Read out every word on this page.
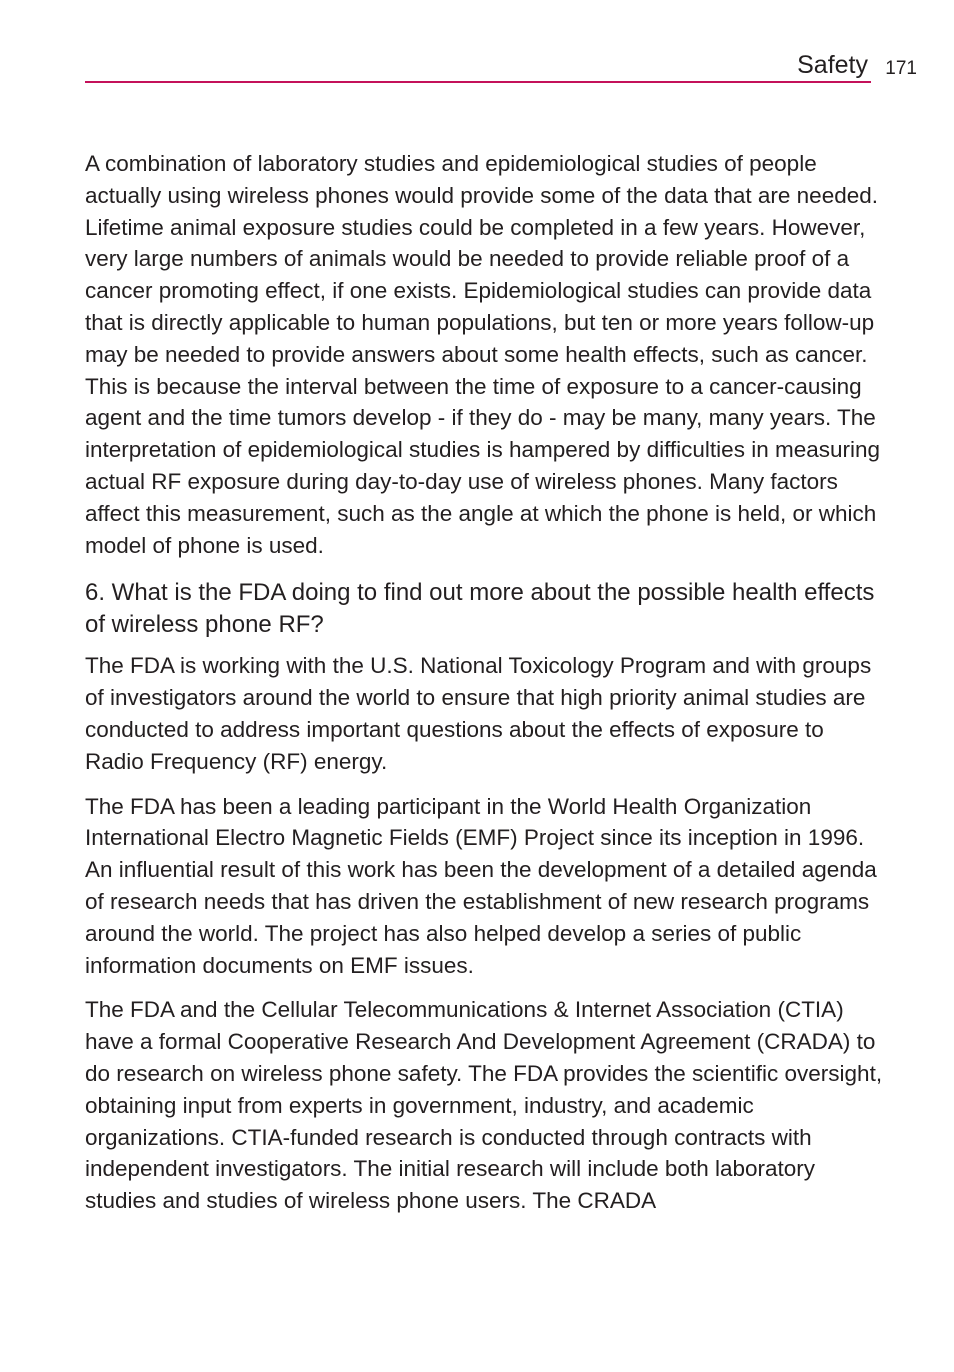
Safety 171

A combination of laboratory studies and epidemiological studies of people actually using wireless phones would provide some of the data that are needed. Lifetime animal exposure studies could be completed in a few years. However, very large numbers of animals would be needed to provide reliable proof of a cancer promoting effect, if one exists. Epidemiological studies can provide data that is directly applicable to human populations, but ten or more years follow-up may be needed to provide answers about some health effects, such as cancer. This is because the interval between the time of exposure to a cancer-causing agent and the time tumors develop - if they do - may be many, many years. The interpretation of epidemiological studies is hampered by difficulties in measuring actual RF exposure during day-to-day use of wireless phones. Many factors affect this measurement, such as the angle at which the phone is held, or which model of phone is used.

6. What is the FDA doing to find out more about the possible health effects of wireless phone RF?

The FDA is working with the U.S. National Toxicology Program and with groups of investigators around the world to ensure that high priority animal studies are conducted to address important questions about the effects of exposure to Radio Frequency (RF) energy.

The FDA has been a leading participant in the World Health Organization International Electro Magnetic Fields (EMF) Project since its inception in 1996. An influential result of this work has been the development of a detailed agenda of research needs that has driven the establishment of new research programs around the world. The project has also helped develop a series of public information documents on EMF issues.

The FDA and the Cellular Telecommunications & Internet Association (CTIA) have a formal Cooperative Research And Development Agreement (CRADA) to do research on wireless phone safety. The FDA provides the scientific oversight, obtaining input from experts in government, industry, and academic organizations. CTIA-funded research is conducted through contracts with independent investigators. The initial research will include both laboratory studies and studies of wireless phone users. The CRADA
